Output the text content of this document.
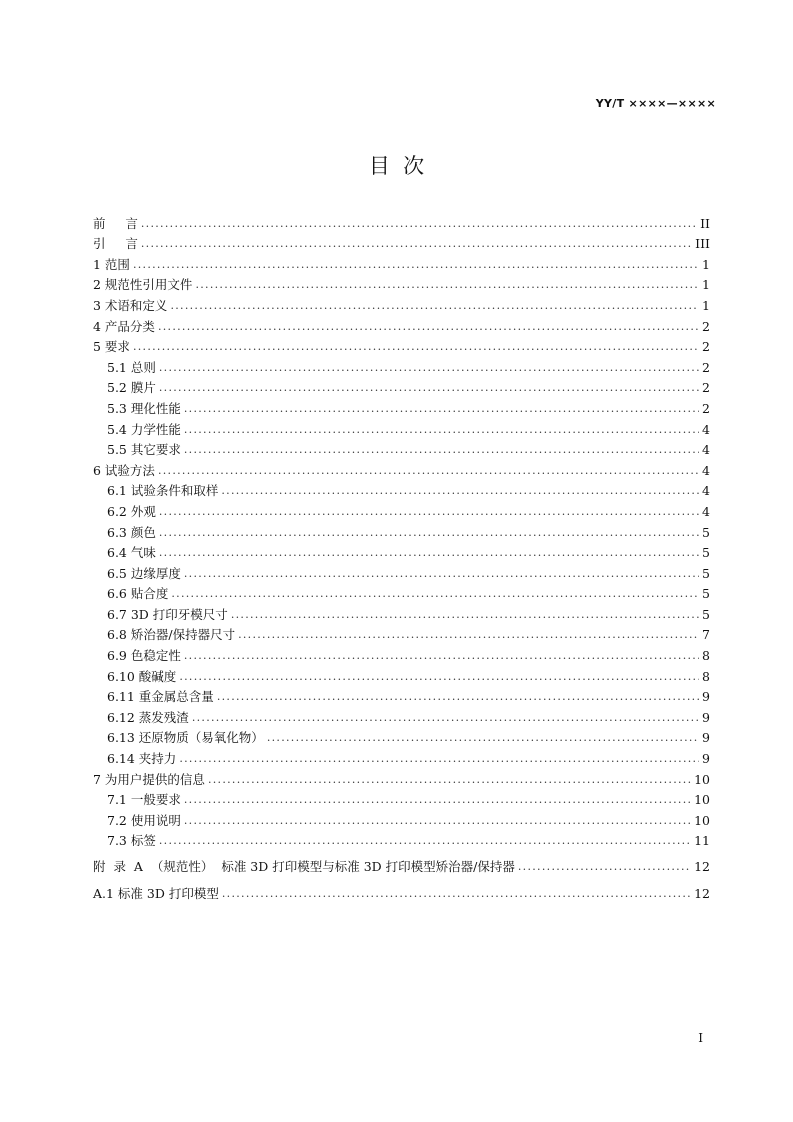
YY/T ××××—××××
目  次
前     言 .....	II
引     言 .....	III
1 范围 .....	1
2 规范性引用文件 .....	1
3 术语和定义 .....	1
4 产品分类 .....	2
5 要求 .....	2
5.1 总则 .....	2
5.2 膜片 .....	2
5.3 理化性能 .....	2
5.4 力学性能 .....	4
5.5 其它要求 .....	4
6 试验方法 .....	4
6.1 试验条件和取样 .....	4
6.2 外观 .....	4
6.3 颜色 .....	5
6.4 气味 .....	5
6.5 边缘厚度 .....	5
6.6 贴合度 .....	5
6.7 3D 打印牙模尺寸 .....	5
6.8 矫治器/保持器尺寸 .....	7
6.9 色稳定性 .....	8
6.10 酸碱度 .....	8
6.11 重金属总含量 .....	9
6.12 蒸发残渣 .....	9
6.13 还原物质（易氧化物） .....	9
6.14 夹持力 .....	9
7 为用户提供的信息 .....	10
7.1 一般要求 .....	10
7.2 使用说明 .....	10
7.3 标签 .....	11
附  录  A  （规范性）  标准 3D 打印模型与标准 3D 打印模型矫治器/保持器 .....	12
A.1 标准 3D 打印模型 .....	12
I
